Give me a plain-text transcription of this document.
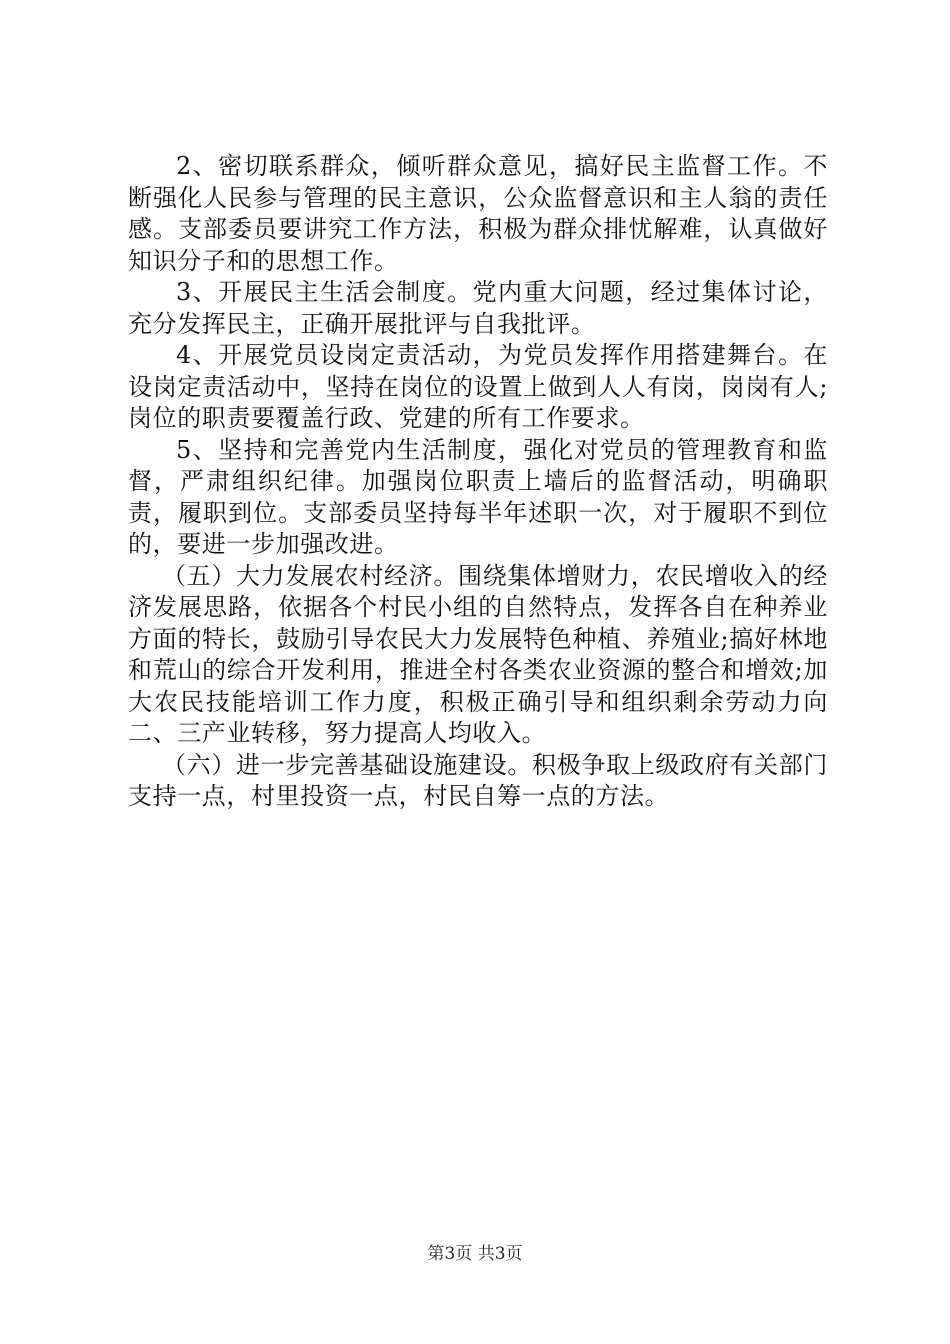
2、密切联系群众，倾听群众意见，搞好民主监督工作。不断强化人民参与管理的民主意识，公众监督意识和主人翁的责任感。支部委员要讲究工作方法，积极为群众排忧解难，认真做好知识分子和的思想工作。

3、开展民主生活会制度。党内重大问题，经过集体讨论，充分发挥民主，正确开展批评与自我批评。

4、开展党员设岗定责活动，为党员发挥作用搭建舞台。在设岗定责活动中，坚持在岗位的设置上做到人人有岗，岗岗有人;岗位的职责要覆盖行政、党建的所有工作要求。

5、坚持和完善党内生活制度，强化对党员的管理教育和监督，严肃组织纪律。加强岗位职责上墙后的监督活动，明确职责，履职到位。支部委员坚持每半年述职一次，对于履职不到位的，要进一步加强改进。

（五）大力发展农村经济。围绕集体增财力，农民增收入的经济发展思路，依据各个村民小组的自然特点，发挥各自在种养业方面的特长，鼓励引导农民大力发展特色种植、养殖业;搞好林地和荒山的综合开发利用，推进全村各类农业资源的整合和增效;加大农民技能培训工作力度，积极正确引导和组织剩余劳动力向二、三产业转移，努力提高人均收入。

（六）进一步完善基础设施建设。积极争取上级政府有关部门支持一点，村里投资一点，村民自筹一点的方法。

第3页 共3页
